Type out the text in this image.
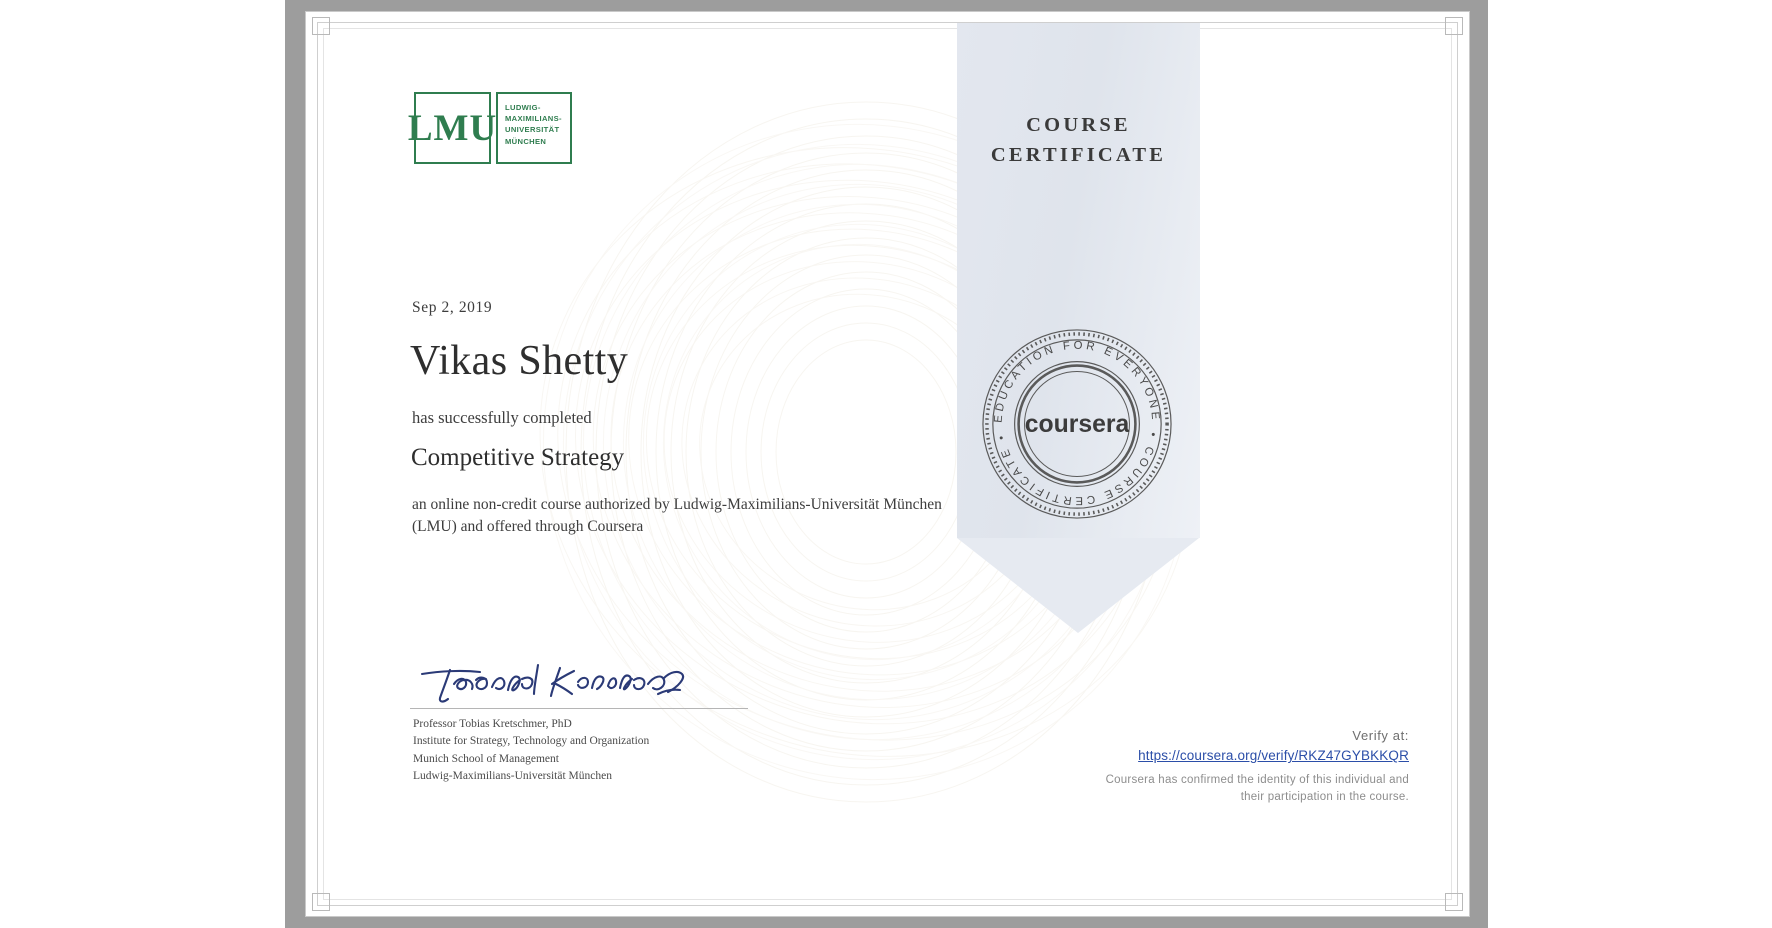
LMU LUDWIG-
MAXIMILIANS-
UNIVERSITÄT
MÜNCHEN
Sep 2, 2019
Vikas Shetty
has successfully completed
Competitive Strategy
an online non-credit course authorized by Ludwig-Maximilians-Universität München (LMU) and offered through Coursera
Professor Tobias Kretschmer, PhD
Institute for Strategy, Technology and Organization
Munich School of Management
Ludwig-Maximilians-Universität München
COURSE
CERTIFICATE
EDUCATION FOR EVERYONE
• COURSE CERTIFICATE • coursera
Verify at:
https://coursera.org/verify/RKZ47GYBKKQR
Coursera has confirmed the identity of this individual and
their participation in the course.
